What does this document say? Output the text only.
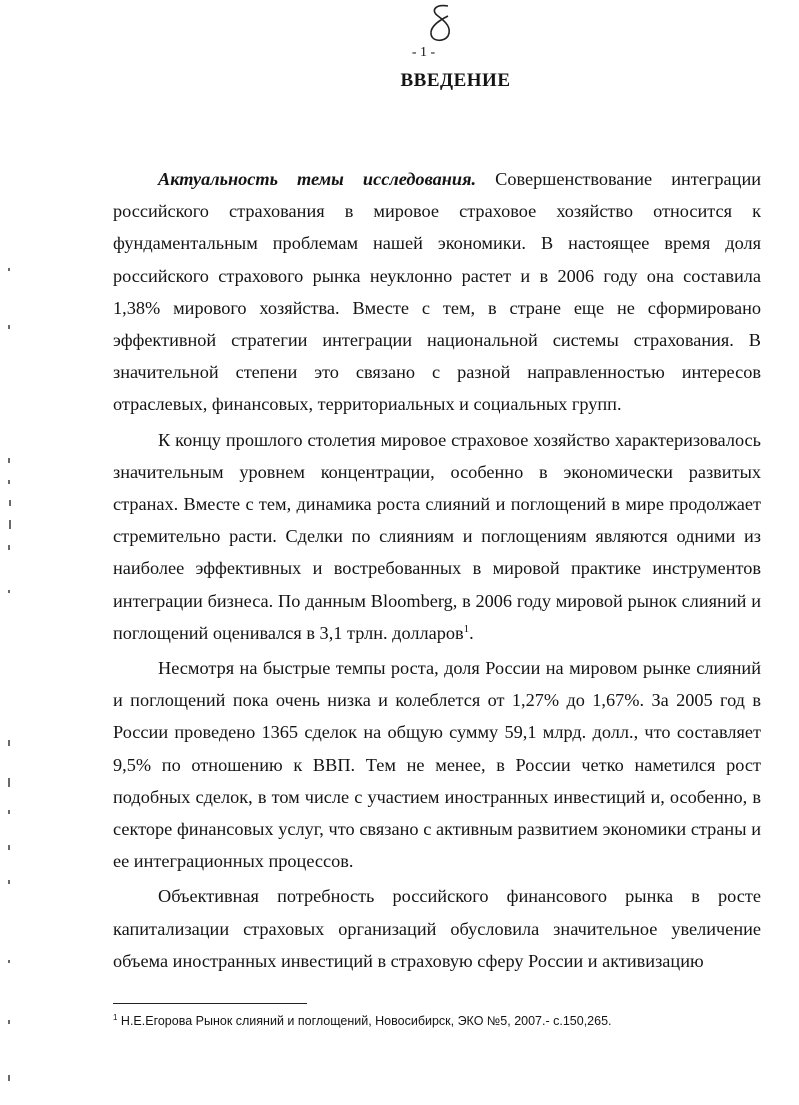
- 1 -
ВВЕДЕНИЕ

Актуальность темы исследования. Совершенствование интеграции российского страхования в мировое страховое хозяйство относится к фундаментальным проблемам нашей экономики. В настоящее время доля российского страхового рынка неуклонно растет и в 2006 году она составила 1,38% мирового хозяйства. Вместе с тем, в стране еще не сформировано эффективной стратегии интеграции национальной системы страхования. В значительной степени это связано с разной направленностью интересов отраслевых, финансовых, территориальных и социальных групп.

К концу прошлого столетия мировое страховое хозяйство характеризовалось значительным уровнем концентрации, особенно в экономически развитых странах. Вместе с тем, динамика роста слияний и поглощений в мире продолжает стремительно расти. Сделки по слияниям и поглощениям являются одними из наиболее эффективных и востребованных в мировой практике инструментов интеграции бизнеса. По данным Bloomberg, в 2006 году мировой рынок слияний и поглощений оценивался в 3,1 трлн. долларов$^1$.

Несмотря на быстрые темпы роста, доля России на мировом рынке слияний и поглощений пока очень низка и колеблется от 1,27% до 1,67%. За 2005 год в России проведено 1365 сделок на общую сумму 59,1 млрд. долл., что составляет 9,5% по отношению к ВВП. Тем не менее, в России четко наметился рост подобных сделок, в том числе с участием иностранных инвестиций и, особенно, в секторе финансовых услуг, что связано с активным развитием экономики страны и ее интеграционных процессов.

Объективная потребность российского финансового рынка в росте капитализации страховых организаций обусловила значительное увеличение объема иностранных инвестиций в страховую сферу России и активизацию

$^1$ Н.Е.Егорова Рынок слияний и поглощений, Новосибирск, ЭКО №5, 2007.- с.150,265.
